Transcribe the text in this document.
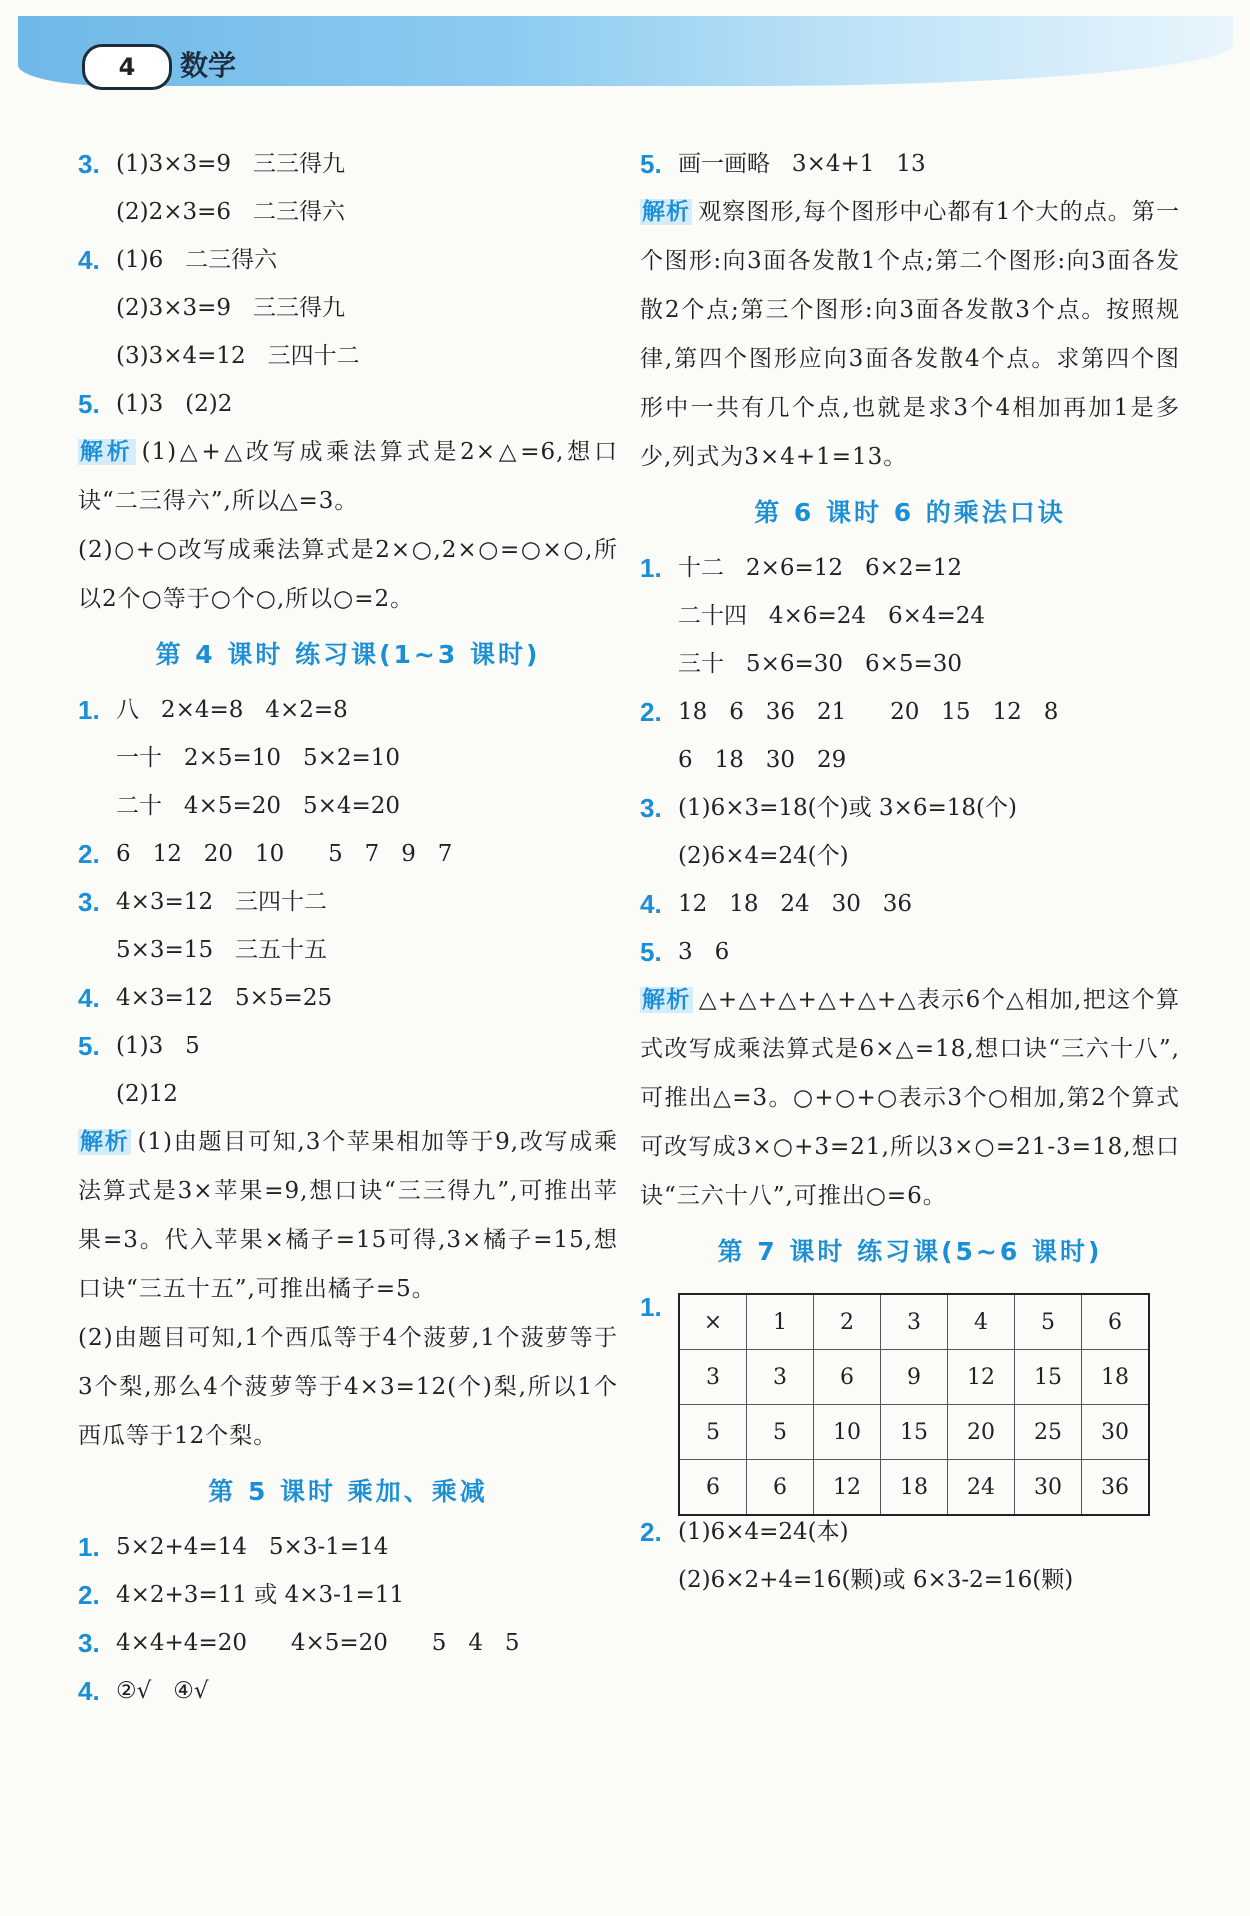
4	数学
3. (1)3×3=9   三三得九
(2)2×3=6   二三得六
4. (1)6   二三得六
(2)3×3=9   三三得九
(3)3×4=12   三四十二
5. (1)3   (2)2
解析 (1)△+△改写成乘法算式是2×△=6,想口诀“二三得六”,所以△=3。
(2)○+○改写成乘法算式是2×○,2×○=○×○,所以2个○等于○个○,所以○=2。
第 4 课时 练习课(1~3 课时)
1. 八   2×4=8   4×2=8
一十   2×5=10   5×2=10
二十   4×5=20   5×4=20
2. 6   12   20   10      5   7   9   7
3. 4×3=12   三四十二
5×3=15   三五十五
4. 4×3=12   5×5=25
5. (1)3   5
(2)12
解析 (1)由题目可知,3个苹果相加等于9,改写成乘法算式是3×苹果=9,想口诀“三三得九”,可推出苹果=3。代入苹果×橘子=15可得,3×橘子=15,想口诀“三五十五”,可推出橘子=5。
(2)由题目可知,1个西瓜等于4个菠萝,1个菠萝等于3个梨,那么4个菠萝等于4×3=12(个)梨,所以1个西瓜等于12个梨。
第 5 课时 乘加、乘减
1. 5×2+4=14   5×3-1=14
2. 4×2+3=11 或 4×3-1=11
3. 4×4+4=20      4×5=20      5   4   5
4. ②√   ④√
5. 画一画略   3×4+1   13
解析 观察图形,每个图形中心都有1个大的点。第一个图形:向3面各发散1个点;第二个图形:向3面各发散2个点;第三个图形:向3面各发散3个点。按照规律,第四个图形应向3面各发散4个点。求第四个图形中一共有几个点,也就是求3个4相加再加1是多少,列式为3×4+1=13。
第 6 课时 6 的乘法口诀
1. 十二   2×6=12   6×2=12
二十四   4×6=24   6×4=24
三十   5×6=30   6×5=30
2. 18   6   36   21      20   15   12   8
6   18   30   29
3. (1)6×3=18(个)或 3×6=18(个)
(2)6×4=24(个)
4. 12   18   24   30   36
5. 3   6
解析 △+△+△+△+△+△表示6个△相加,把这个算式改写成乘法算式是6×△=18,想口诀“三六十八”,可推出△=3。○+○+○表示3个○相加,第2个算式可改写成3×○+3=21,所以3×○=21-3=18,想口诀“三六十八”,可推出○=6。
第 7 课时 练习课(5~6 课时)
1. ×	1	2	3	4	5	6
3	3	6	9	12	15	18
5	5	10	15	20	25	30
6	6	12	18	24	30	36
2. (1)6×4=24(本)
(2)6×2+4=16(颗)或 6×3-2=16(颗)
